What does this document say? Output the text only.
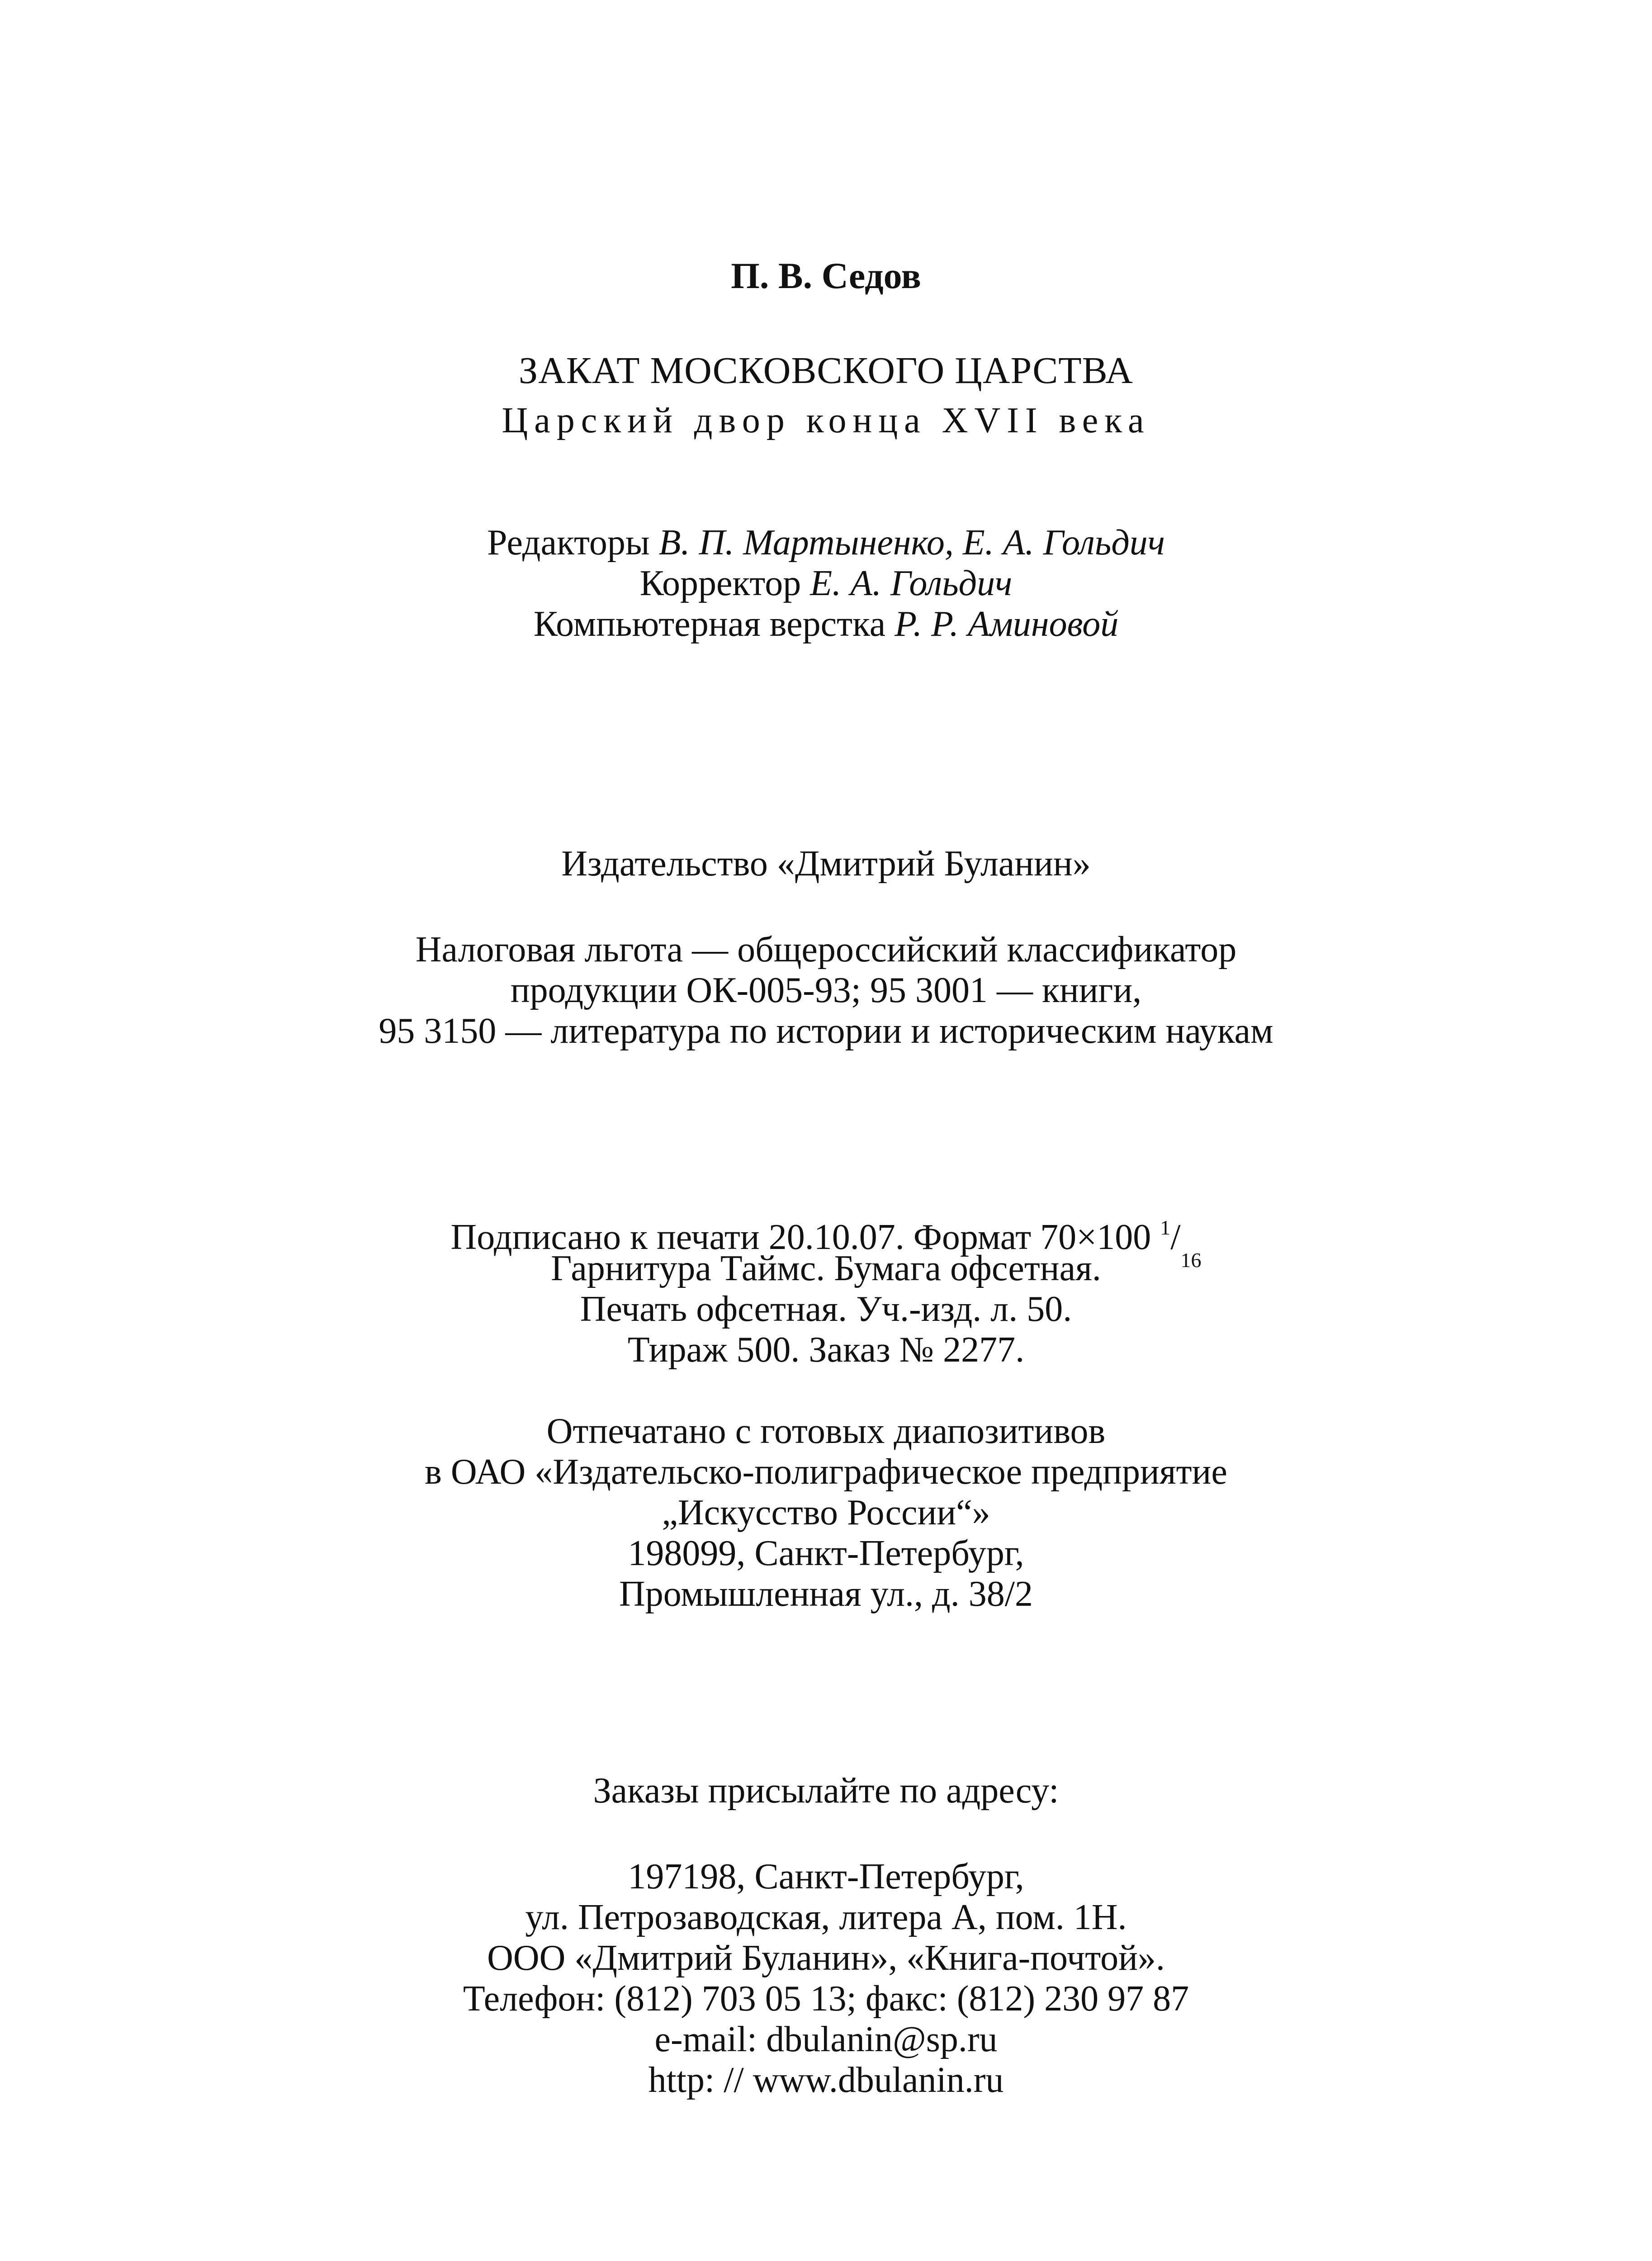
П. В. Седов
ЗАКАТ МОСКОВСКОГО ЦАРСТВА
Царский двор конца XVII века
Редакторы В. П. Мартыненко, Е. А. Гольдич
Корректор Е. А. Гольдич
Компьютерная верстка Р. Р. Аминовой
Издательство «Дмитрий Буланин»
Налоговая льгота — общероссийский классификатор
продукции ОК-005-93; 95 3001 — книги,
95 3150 — литература по истории и историческим наукам
Подписано к печати 20.10.07. Формат 70×100 $^1/_{16}$
Гарнитура Таймс. Бумага офсетная.
Печать офсетная. Уч.-изд. л. 50.
Тираж 500. Заказ № 2277.
Отпечатано с готовых диапозитивов
в ОАО «Издательско-полиграфическое предприятие
„Искусство России“»
198099, Санкт-Петербург,
Промышленная ул., д. 38/2
Заказы присылайте по адресу:
197198, Санкт-Петербург,
ул. Петрозаводская, литера А, пом. 1Н.
ООО «Дмитрий Буланин», «Книга-почтой».
Телефон: (812) 703 05 13; факс: (812) 230 97 87
e-mail: dbulanin@sp.ru
http: // www.dbulanin.ru
